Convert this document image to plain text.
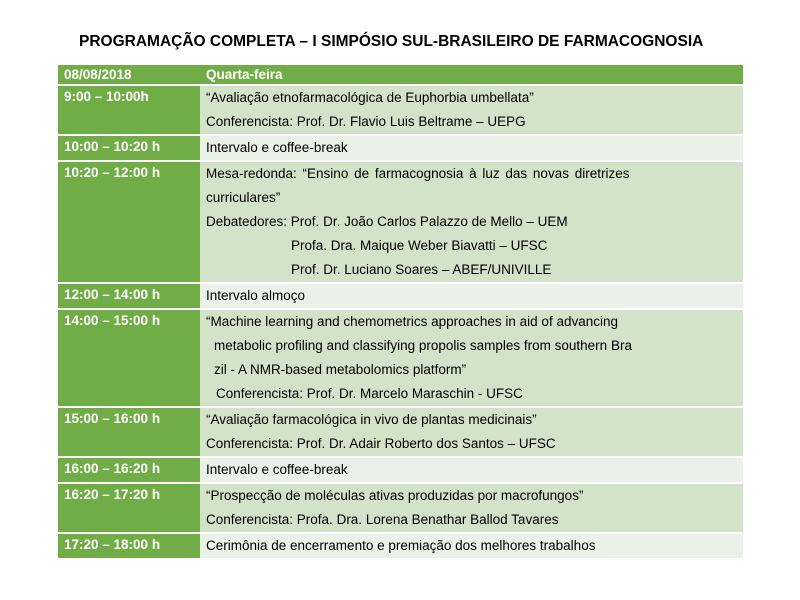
PROGRAMAÇÃO COMPLETA – I SIMPÓSIO SUL-BRASILEIRO DE FARMACOGNOSIA
08/08/2018	Quarta-feira
9:00 – 10:00h	“Avaliação etnofarmacológica de Euphorbia umbellata”
Conferencista: Prof. Dr. Flavio Luis Beltrame – UEPG

10:00 – 10:20 h	Intervalo e coffee-break

10:20 – 12:00 h	Mesa-redonda: “Ensino de farmacognosia à luz das novas diretrizes
curriculares”
Debatedores: Prof. Dr. João Carlos Palazzo de Mello – UEM
Profa. Dra. Maique Weber Biavatti – UFSC
Prof. Dr. Luciano Soares – ABEF/UNIVILLE

12:00 – 14:00 h	Intervalo almoço

14:00 – 15:00 h	“Machine learning and chemometrics approaches in aid of advancing
metabolic profiling and classifying propolis samples from southern Bra
zil - A NMR-based metabolomics platform”
Conferencista: Prof. Dr. Marcelo Maraschin - UFSC

15:00 – 16:00 h	“Avaliação farmacológica in vivo de plantas medicinais”
Conferencista: Prof. Dr. Adair Roberto dos Santos – UFSC

16:00 – 16:20 h	Intervalo e coffee-break

16:20 – 17:20 h	“Prospecção de moléculas ativas produzidas por macrofungos”
Conferencista: Profa. Dra. Lorena Benathar Ballod Tavares

17:20 – 18:00 h	Cerimônia de encerramento e premiação dos melhores trabalhos
